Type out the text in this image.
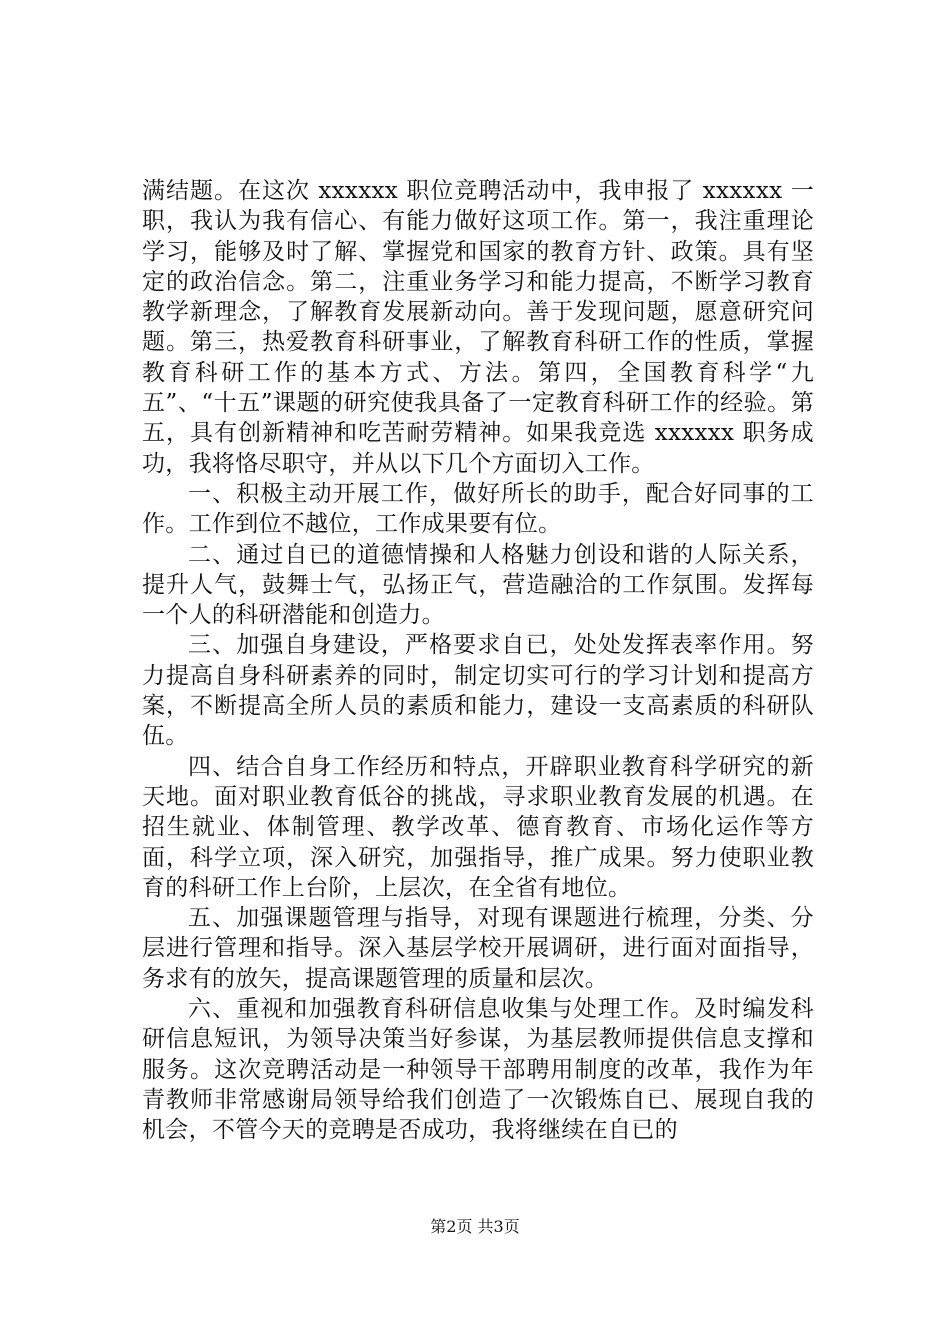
满结题。在这次 xxxxxx 职位竞聘活动中，我申报了 xxxxxx 一职，我认为我有信心、有能力做好这项工作。第一，我注重理论学习，能够及时了解、掌握党和国家的教育方针、政策。具有坚定的政治信念。第二，注重业务学习和能力提高，不断学习教育教学新理念，了解教育发展新动向。善于发现问题，愿意研究问题。第三，热爱教育科研事业，了解教育科研工作的性质，掌握教育科研工作的基本方式、方法。第四，全国教育科学“九五”、“十五”课题的研究使我具备了一定教育科研工作的经验。第五，具有创新精神和吃苦耐劳精神。如果我竞选 xxxxxx 职务成功，我将恪尽职守，并从以下几个方面切入工作。

一、积极主动开展工作，做好所长的助手，配合好同事的工作。工作到位不越位，工作成果要有位。

二、通过自已的道德情操和人格魅力创设和谐的人际关系，提升人气，鼓舞士气，弘扬正气，营造融洽的工作氛围。发挥每一个人的科研潜能和创造力。

三、加强自身建设，严格要求自已，处处发挥表率作用。努力提高自身科研素养的同时，制定切实可行的学习计划和提高方案，不断提高全所人员的素质和能力，建设一支高素质的科研队伍。

四、结合自身工作经历和特点，开辟职业教育科学研究的新天地。面对职业教育低谷的挑战，寻求职业教育发展的机遇。在招生就业、体制管理、教学改革、德育教育、市场化运作等方面，科学立项，深入研究，加强指导，推广成果。努力使职业教育的科研工作上台阶，上层次，在全省有地位。

五、加强课题管理与指导，对现有课题进行梳理，分类、分层进行管理和指导。深入基层学校开展调研，进行面对面指导，务求有的放矢，提高课题管理的质量和层次。

六、重视和加强教育科研信息收集与处理工作。及时编发科研信息短讯，为领导决策当好参谋，为基层教师提供信息支撑和服务。这次竞聘活动是一种领导干部聘用制度的改革，我作为年青教师非常感谢局领导给我们创造了一次锻炼自已、展现自我的机会，不管今天的竞聘是否成功，我将继续在自已的

第2页 共3页
